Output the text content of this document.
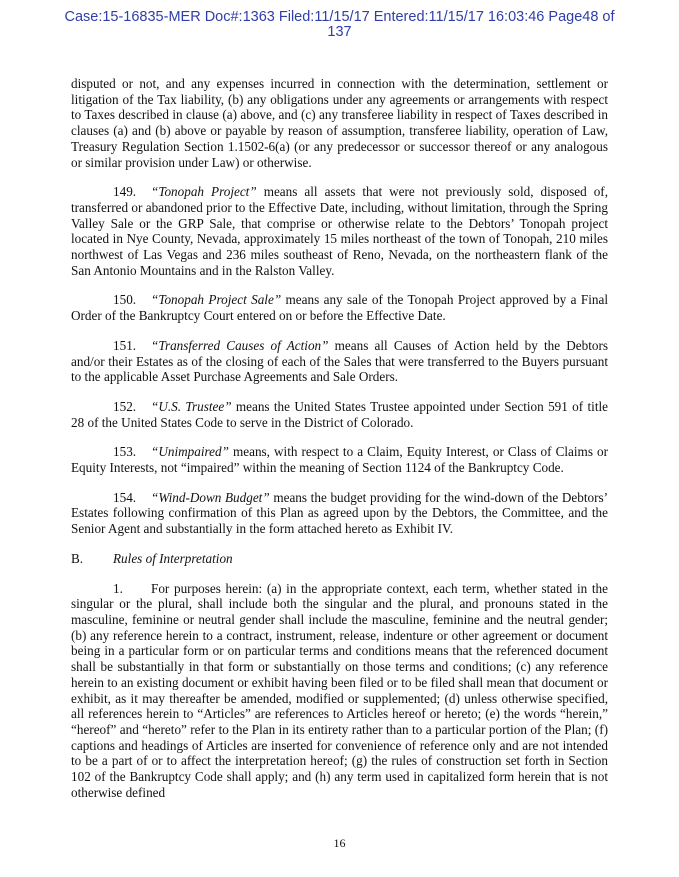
Case:15-16835-MER Doc#:1363 Filed:11/15/17 Entered:11/15/17 16:03:46 Page48 of
137

disputed or not, and any expenses incurred in connection with the determination, settlement or litigation of the Tax liability, (b) any obligations under any agreements or arrangements with respect to Taxes described in clause (a) above, and (c) any transferee liability in respect of Taxes described in clauses (a) and (b) above or payable by reason of assumption, transferee liability, operation of Law, Treasury Regulation Section 1.1502-6(a) (or any predecessor or successor thereof or any analogous or similar provision under Law) or otherwise.

149. “Tonopah Project” means all assets that were not previously sold, disposed of, transferred or abandoned prior to the Effective Date, including, without limitation, through the Spring Valley Sale or the GRP Sale, that comprise or otherwise relate to the Debtors’ Tonopah project located in Nye County, Nevada, approximately 15 miles northeast of the town of Tonopah, 210 miles northwest of Las Vegas and 236 miles southeast of Reno, Nevada, on the northeastern flank of the San Antonio Mountains and in the Ralston Valley.

150. “Tonopah Project Sale” means any sale of the Tonopah Project approved by a Final Order of the Bankruptcy Court entered on or before the Effective Date.

151. “Transferred Causes of Action” means all Causes of Action held by the Debtors and/or their Estates as of the closing of each of the Sales that were transferred to the Buyers pursuant to the applicable Asset Purchase Agreements and Sale Orders.

152. “U.S. Trustee” means the United States Trustee appointed under Section 591 of title 28 of the United States Code to serve in the District of Colorado.

153. “Unimpaired” means, with respect to a Claim, Equity Interest, or Class of Claims or Equity Interests, not “impaired” within the meaning of Section 1124 of the Bankruptcy Code.

154. “Wind-Down Budget” means the budget providing for the wind-down of the Debtors’ Estates following confirmation of this Plan as agreed upon by the Debtors, the Committee, and the Senior Agent and substantially in the form attached hereto as Exhibit IV.

B. Rules of Interpretation

1. For purposes herein: (a) in the appropriate context, each term, whether stated in the singular or the plural, shall include both the singular and the plural, and pronouns stated in the masculine, feminine or neutral gender shall include the masculine, feminine and the neutral gender; (b) any reference herein to a contract, instrument, release, indenture or other agreement or document being in a particular form or on particular terms and conditions means that the referenced document shall be substantially in that form or substantially on those terms and conditions; (c) any reference herein to an existing document or exhibit having been filed or to be filed shall mean that document or exhibit, as it may thereafter be amended, modified or supplemented; (d) unless otherwise specified, all references herein to “Articles” are references to Articles hereof or hereto; (e) the words “herein,” “hereof” and “hereto” refer to the Plan in its entirety rather than to a particular portion of the Plan; (f) captions and headings of Articles are inserted for convenience of reference only and are not intended to be a part of or to affect the interpretation hereof; (g) the rules of construction set forth in Section 102 of the Bankruptcy Code shall apply; and (h) any term used in capitalized form herein that is not otherwise defined

16
